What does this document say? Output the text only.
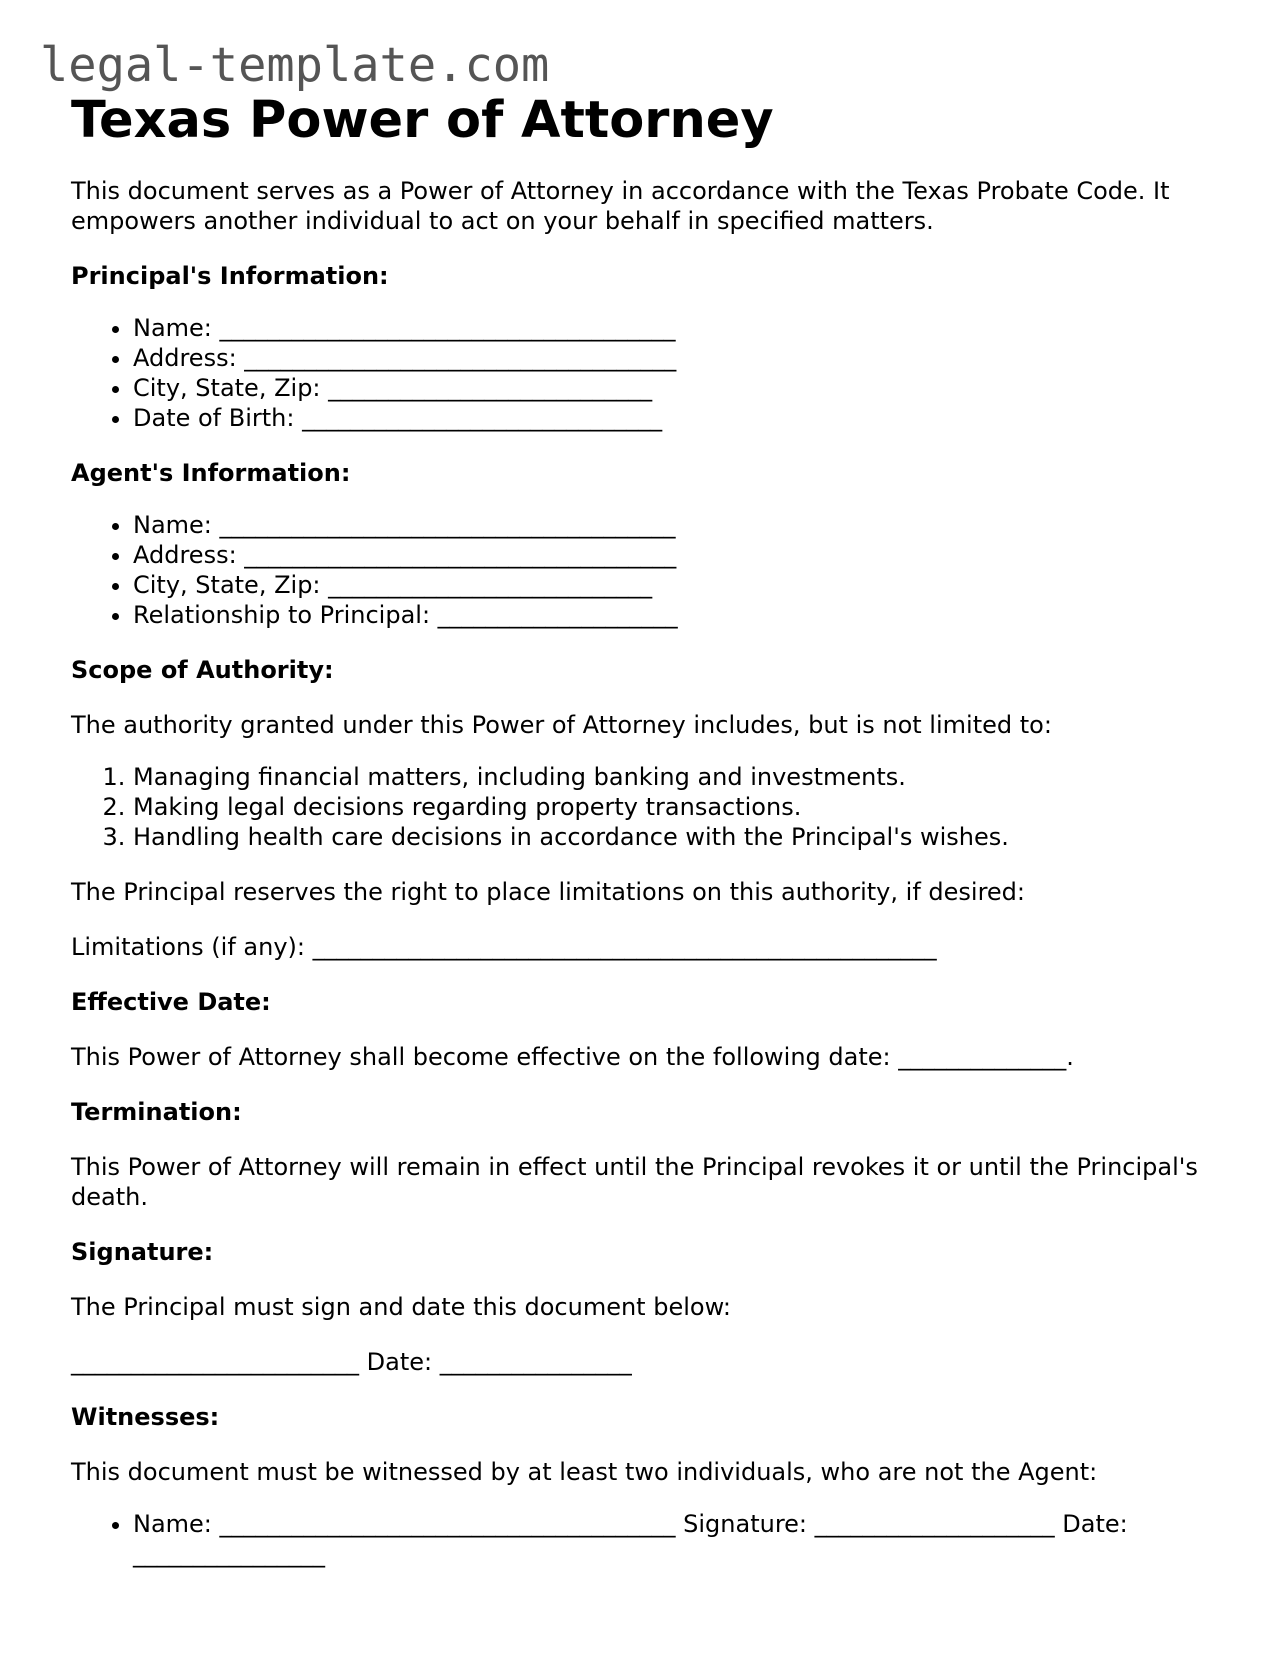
legal-template.com
Texas Power of Attorney

This document serves as a Power of Attorney in accordance with the Texas Probate Code. It empowers another individual to act on your behalf in specified matters.

Principal's Information:
• Name: ______________________________________
• Address: ____________________________________
• City, State, Zip: ___________________________
• Date of Birth: ______________________________
Agent's Information:
• Name: ______________________________________
• Address: ____________________________________
• City, State, Zip: ___________________________
• Relationship to Principal: ____________________
Scope of Authority:

The authority granted under this Power of Attorney includes, but is not limited to:

1. Managing financial matters, including banking and investments.
2. Making legal decisions regarding property transactions.
3. Handling health care decisions in accordance with the Principal's wishes.

The Principal reserves the right to place limitations on this authority, if desired:

Limitations (if any): ____________________________________________________

Effective Date:

This Power of Attorney shall become effective on the following date: ______________.

Termination:

This Power of Attorney will remain in effect until the Principal revokes it or until the Principal's death.

Signature:

The Principal must sign and date this document below:

________________________ Date: ________________

Witnesses:

This document must be witnessed by at least two individuals, who are not the Agent:

• Name: ______________________________________ Signature: ____________________ Date: ________________
